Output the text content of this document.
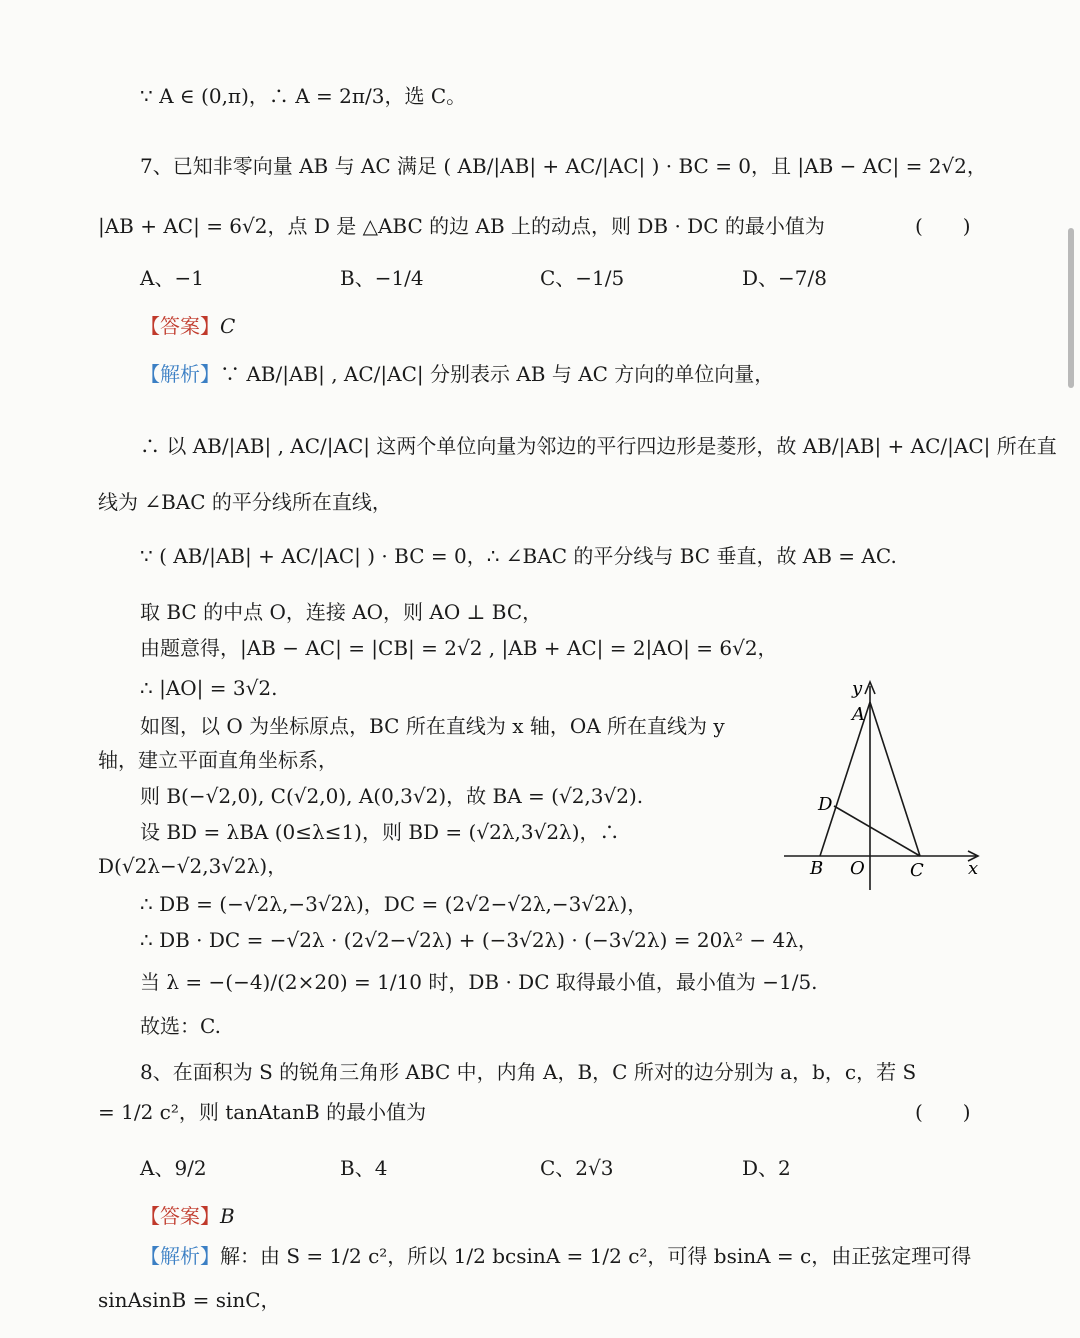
∵ A ∈ (0,π)，∴ A = 2π/3，选 C。
7、已知非零向量 AB 与 AC 满足 ( AB/|AB| + AC/|AC| ) · BC = 0，且 |AB − AC| = 2√2，
|AB + AC| = 6√2，点 D 是 △ABC 的边 AB 上的动点，则 DB · DC 的最小值为	(　　)
A、−1	B、−1/4	C、−1/5	D、−7/8
【答案】C
【解析】∵ AB/|AB| , AC/|AC| 分别表示 AB 与 AC 方向的单位向量，
∴ 以 AB/|AB| , AC/|AC| 这两个单位向量为邻边的平行四边形是菱形，故 AB/|AB| + AC/|AC| 所在直
线为 ∠BAC 的平分线所在直线，
∵ ( AB/|AB| + AC/|AC| ) · BC = 0，∴ ∠BAC 的平分线与 BC 垂直，故 AB = AC.
取 BC 的中点 O，连接 AO，则 AO ⊥ BC，
由题意得，|AB − AC| = |CB| = 2√2 , |AB + AC| = 2|AO| = 6√2，
∴ |AO| = 3√2.
如图，以 O 为坐标原点，BC 所在直线为 x 轴，OA 所在直线为 y
轴，建立平面直角坐标系，
则 B(−√2,0), C(√2,0), A(0,3√2)，故 BA = (√2,3√2).
设 BD = λBA (0≤λ≤1)，则 BD = (√2λ,3√2λ)，∴
D(√2λ−√2,3√2λ)，
∴ DB = (−√2λ,−3√2λ)，DC = (2√2−√2λ,−3√2λ)，
∴ DB · DC = −√2λ · (2√2−√2λ) + (−3√2λ) · (−3√2λ) = 20λ² − 4λ，
当 λ = −(−4)/(2×20) = 1/10 时，DB · DC 取得最小值，最小值为 −1/5.
故选：C.
y
A
D
B O	C x
8、在面积为 S 的锐角三角形 ABC 中，内角 A，B，C 所对的边分别为 a，b，c，若 S
= 1/2 c²，则 tanAtanB 的最小值为	(　　)
A、9/2	B、4	C、2√3	D、2
【答案】B
【解析】解：由 S = 1/2 c²，所以 1/2 bcsinA = 1/2 c²，可得 bsinA = c，由正弦定理可得
sinAsinB = sinC，
